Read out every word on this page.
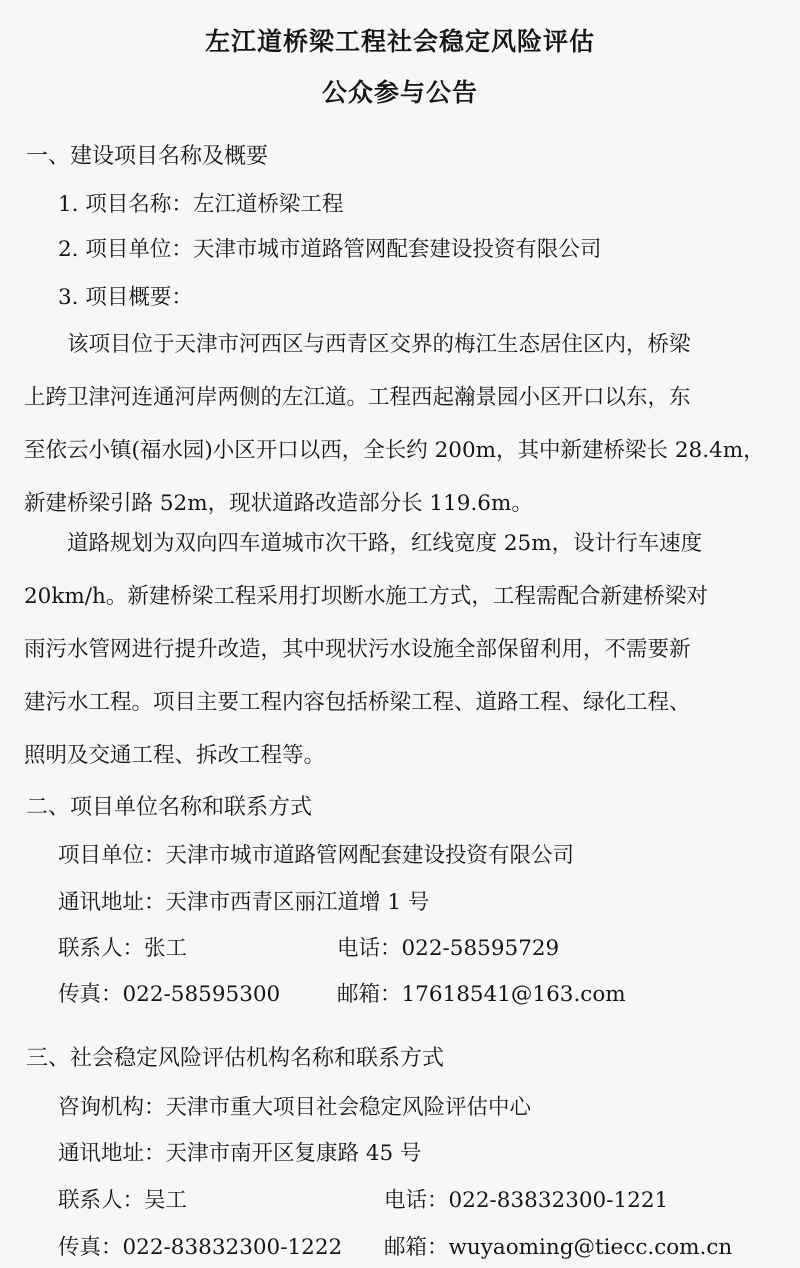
左江道桥梁工程社会稳定风险评估
公众参与公告
一、建设项目名称及概要
1. 项目名称：左江道桥梁工程
2. 项目单位：天津市城市道路管网配套建设投资有限公司
3. 项目概要：
　　该项目位于天津市河西区与西青区交界的梅江生态居住区内，桥梁
上跨卫津河连通河岸两侧的左江道。工程西起瀚景园小区开口以东，东
至依云小镇(福水园)小区开口以西，全长约 200m，其中新建桥梁长 28.4m，
新建桥梁引路 52m，现状道路改造部分长 119.6m。
　　道路规划为双向四车道城市次干路，红线宽度 25m，设计行车速度
20km/h。新建桥梁工程采用打坝断水施工方式，工程需配合新建桥梁对
雨污水管网进行提升改造，其中现状污水设施全部保留利用，不需要新
建污水工程。项目主要工程内容包括桥梁工程、道路工程、绿化工程、
照明及交通工程、拆改工程等。
二、项目单位名称和联系方式
项目单位：天津市城市道路管网配套建设投资有限公司
通讯地址：天津市西青区丽江道增 1 号
联系人：张工	电话：022-58595729
传真：022-58595300	邮箱：17618541@163.com
三、社会稳定风险评估机构名称和联系方式
咨询机构：天津市重大项目社会稳定风险评估中心
通讯地址：天津市南开区复康路 45 号
联系人：吴工	电话：022-83832300-1221
传真：022-83832300-1222 邮箱：wuyaoming@tiecc.com.cn
